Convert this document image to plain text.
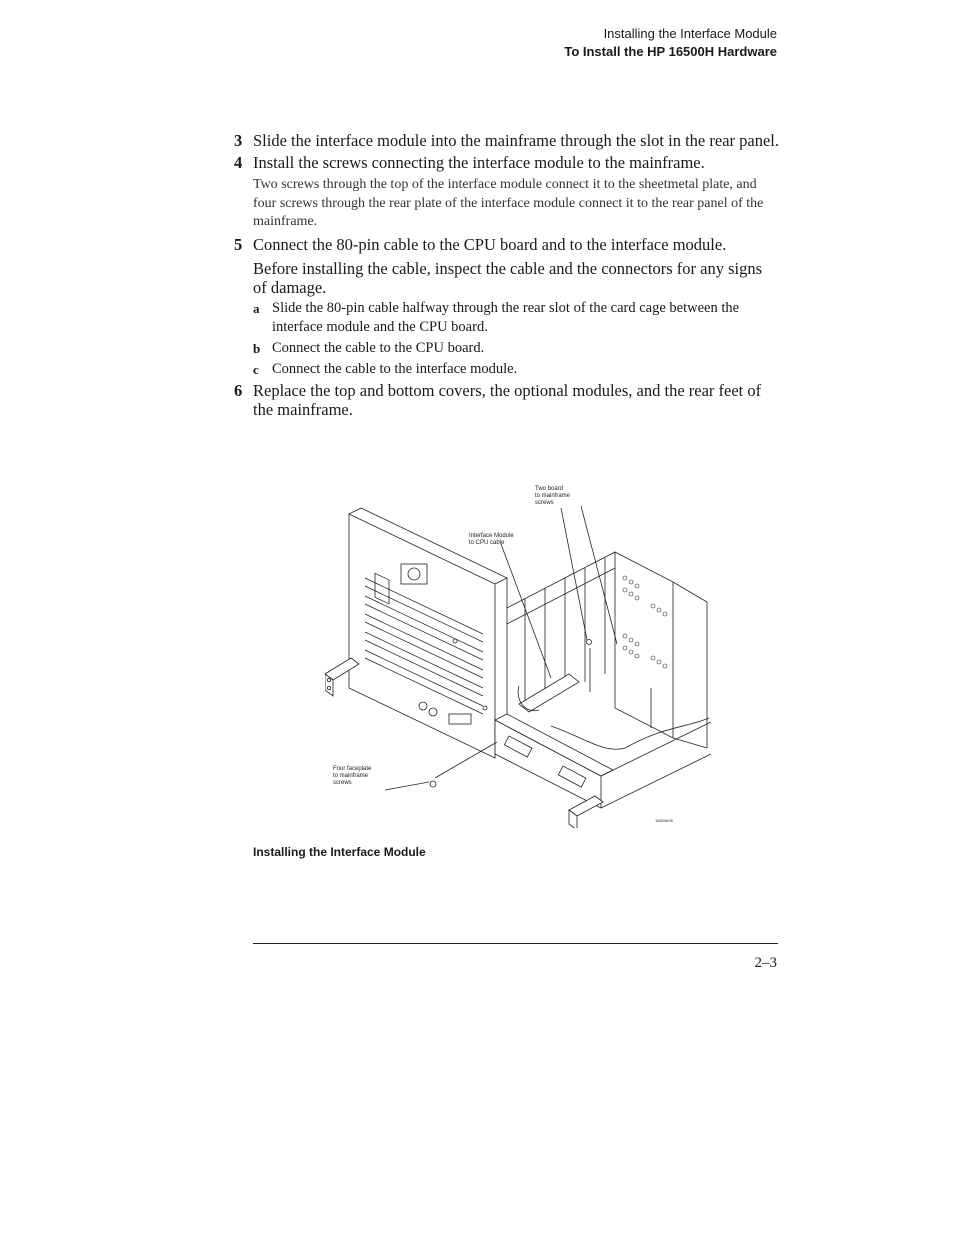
Installing the Interface Module
To Install the HP 16500H Hardware
3 Slide the interface module into the mainframe through the slot in the rear panel.
4 Install the screws connecting the interface module to the mainframe.
Two screws through the top of the interface module connect it to the sheetmetal plate, and four screws through the rear plate of the interface module connect it to the rear panel of the mainframe.
5 Connect the 80-pin cable to the CPU board and to the interface module.
Before installing the cable, inspect the cable and the connectors for any signs of damage.
a Slide the 80-pin cable halfway through the rear slot of the card cage between the interface module and the CPU board.
b Connect the cable to the CPU board.
c Connect the cable to the interface module.
6 Replace the top and bottom covers, the optional modules, and the rear feet of the mainframe.
Two board
to mainframe
screws
Interface Module
to CPU cable
Four faceplate
to mainframe
screws
16500e05
Installing the Interface Module
2–3
